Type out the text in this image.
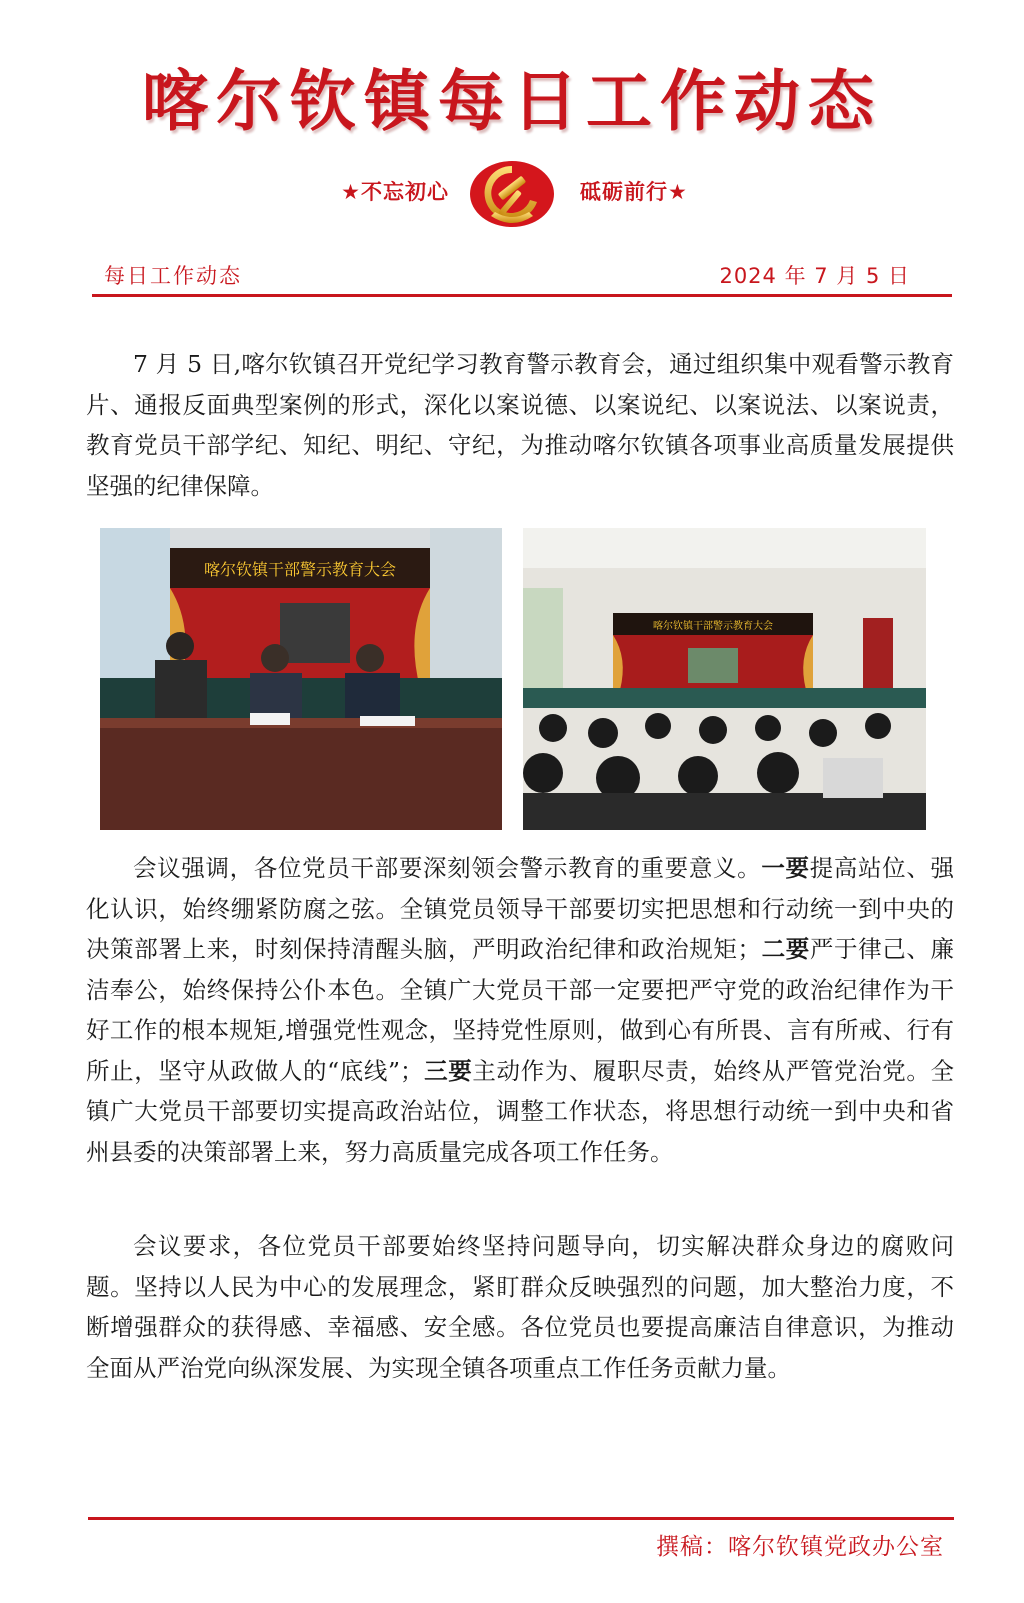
喀尔钦镇每日工作动态
★不忘初心	砥砺前行★
每日工作动态	2024 年 7 月 5 日

7 月 5 日,喀尔钦镇召开党纪学习教育警示教育会，通过组织集中观看警示教育片、通报反面典型案例的形式，深化以案说德、以案说纪、以案说法、以案说责，教育党员干部学纪、知纪、明纪、守纪，为推动喀尔钦镇各项事业高质量发展提供坚强的纪律保障。

喀尔钦镇干部警示教育大会
喀尔钦镇干部警示教育大会

会议强调，各位党员干部要深刻领会警示教育的重要意义。一要提高站位、强化认识，始终绷紧防腐之弦。全镇党员领导干部要切实把思想和行动统一到中央的决策部署上来，时刻保持清醒头脑，严明政治纪律和政治规矩；二要严于律己、廉洁奉公，始终保持公仆本色。全镇广大党员干部一定要把严守党的政治纪律作为干好工作的根本规矩,增强党性观念，坚持党性原则，做到心有所畏、言有所戒、行有所止，坚守从政做人的“底线”；三要主动作为、履职尽责，始终从严管党治党。全镇广大党员干部要切实提高政治站位，调整工作状态，将思想行动统一到中央和省州县委的决策部署上来，努力高质量完成各项工作任务。

会议要求，各位党员干部要始终坚持问题导向，切实解决群众身边的腐败问题。坚持以人民为中心的发展理念，紧盯群众反映强烈的问题，加大整治力度，不断增强群众的获得感、幸福感、安全感。各位党员也要提高廉洁自律意识，为推动全面从严治党向纵深发展、为实现全镇各项重点工作任务贡献力量。

撰稿：喀尔钦镇党政办公室
